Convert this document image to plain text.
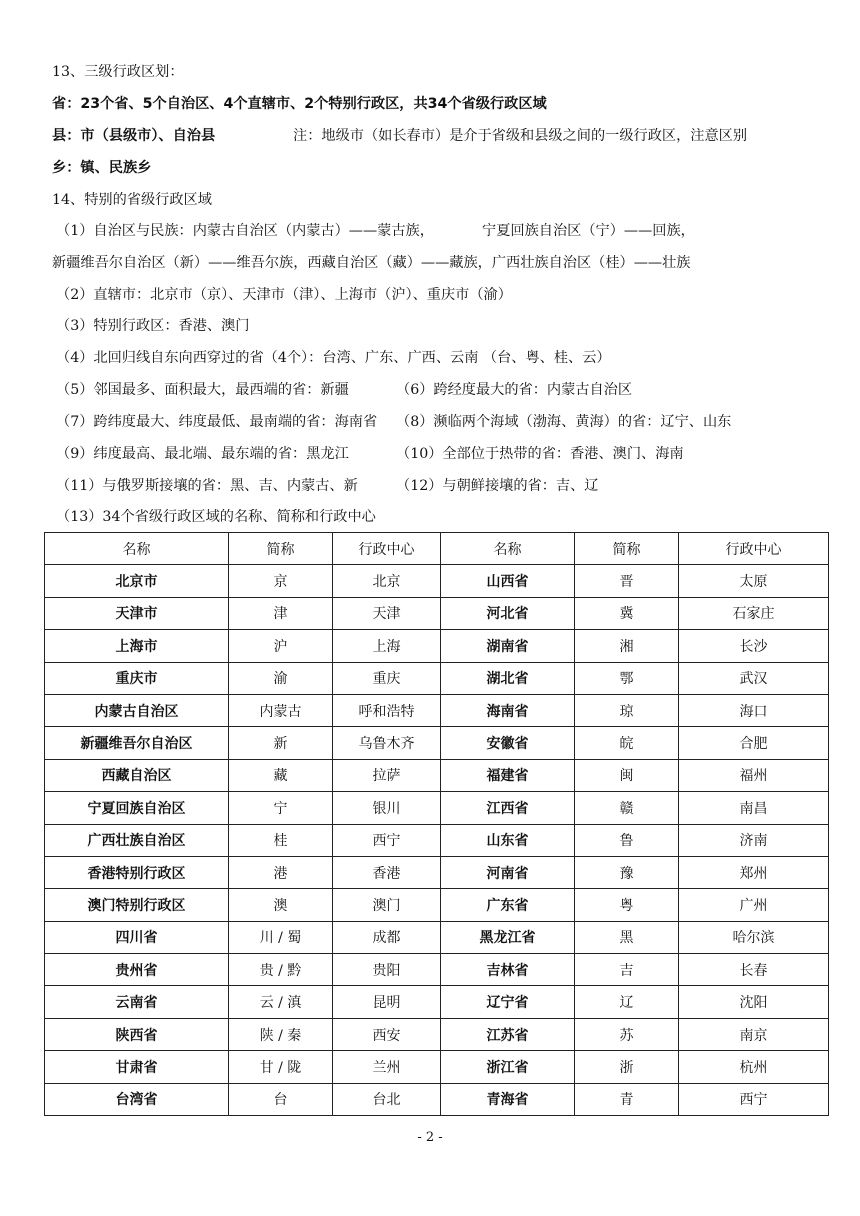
13、三级行政区划：
省：23个省、5个自治区、4个直辖市、2个特别行政区，共34个省级行政区域
县：市（县级市）、自治县	注：地级市（如长春市）是介于省级和县级之间的一级行政区，注意区别
乡：镇、民族乡
14、特别的省级行政区域
（1）自治区与民族：内蒙古自治区（内蒙古）——蒙古族，	宁夏回族自治区（宁）——回族，
新疆维吾尔自治区（新）——维吾尔族，西藏自治区（藏）——藏族，广西壮族自治区（桂）——壮族
（2）直辖市：北京市（京）、天津市（津）、上海市（沪）、重庆市（渝）
（3）特别行政区：香港、澳门
（4）北回归线自东向西穿过的省（4个）：台湾、广东、广西、云南 （台、粤、桂、云）
（5）邻国最多、面积最大，最西端的省：新疆	（6）跨经度最大的省：内蒙古自治区
（7）跨纬度最大、纬度最低、最南端的省：海南省 （8）濒临两个海域（渤海、黄海）的省：辽宁、山东
（9）纬度最高、最北端、最东端的省：黑龙江	（10）全部位于热带的省：香港、澳门、海南
（11）与俄罗斯接壤的省：黑、吉、内蒙古、新	（12）与朝鲜接壤的省：吉、辽
（13）34个省级行政区域的名称、简称和行政中心
名称	简称	行政中心	名称	简称	行政中心
北京市	京	北京	山西省	晋	太原
天津市	津	天津	河北省	冀	石家庄
上海市	沪	上海	湖南省	湘	长沙
重庆市	渝	重庆	湖北省	鄂	武汉
内蒙古自治区	内蒙古	呼和浩特	海南省	琼	海口
新疆维吾尔自治区	新	乌鲁木齐	安徽省	皖	合肥
西藏自治区	藏	拉萨	福建省	闽	福州
宁夏回族自治区	宁	银川	江西省	赣	南昌
广西壮族自治区	桂	西宁	山东省	鲁	济南
香港特别行政区	港	香港	河南省	豫	郑州
澳门特别行政区	澳	澳门	广东省	粤	广州
四川省	川 / 蜀	成都	黑龙江省	黑	哈尔滨
贵州省	贵 / 黔	贵阳	吉林省	吉	长春
云南省	云 / 滇	昆明	辽宁省	辽	沈阳
陕西省	陕 / 秦	西安	江苏省	苏	南京
甘肃省	甘 / 陇	兰州	浙江省	浙	杭州
台湾省	台	台北	青海省	青	西宁
- 2 -
